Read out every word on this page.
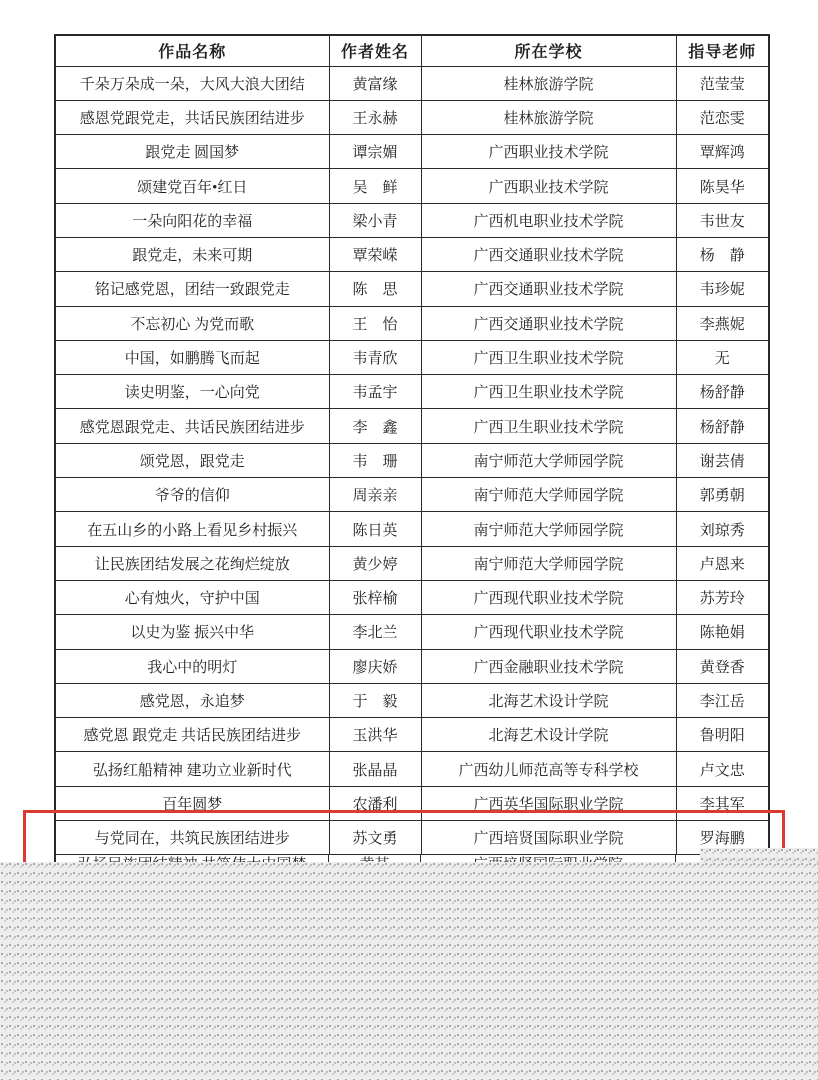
作品名称	作者姓名	所在学校	指导老师
千朵万朵成一朵，大风大浪大团结	黄富缘	桂林旅游学院	范莹莹
感恩党跟党走，共话民族团结进步	王永赫	桂林旅游学院	范恋雯
跟党走 圆国梦	谭宗媚	广西职业技术学院	覃辉鸿
颂建党百年•红日	吴　鲜	广西职业技术学院	陈昊华
一朵向阳花的幸福	梁小青	广西机电职业技术学院	韦世友
跟党走，未来可期	覃荣嵘	广西交通职业技术学院	杨　静
铭记感党恩，团结一致跟党走	陈　思	广西交通职业技术学院	韦珍妮
不忘初心 为党而歌	王　怡	广西交通职业技术学院	李燕妮
中国，如鹏腾飞而起	韦青欣	广西卫生职业技术学院	无
读史明鉴，一心向党	韦孟宇	广西卫生职业技术学院	杨舒静
感党恩跟党走、共话民族团结进步	李　鑫	广西卫生职业技术学院	杨舒静
颂党恩，跟党走	韦　珊	南宁师范大学师园学院	谢芸倩
爷爷的信仰	周亲亲	南宁师范大学师园学院	郭勇朝
在五山乡的小路上看见乡村振兴	陈日英	南宁师范大学师园学院	刘琼秀
让民族团结发展之花绚烂绽放	黄少婷	南宁师范大学师园学院	卢恩来
心有烛火，守护中国	张梓榆	广西现代职业技术学院	苏芳玲
以史为鉴 振兴中华	李北兰	广西现代职业技术学院	陈艳娟
我心中的明灯	廖庆娇	广西金融职业技术学院	黄登香
感党恩，永追梦	于　毅	北海艺术设计学院	李江岳
感党恩 跟党走 共话民族团结进步	玉洪华	北海艺术设计学院	鲁明阳
弘扬红船精神 建功立业新时代	张晶晶	广西幼儿师范高等专科学校	卢文忠
百年圆梦	农潘利	广西英华国际职业学院	李其军
与党同在，共筑民族团结进步	苏文勇	广西培贤国际职业学院	罗海鹏
